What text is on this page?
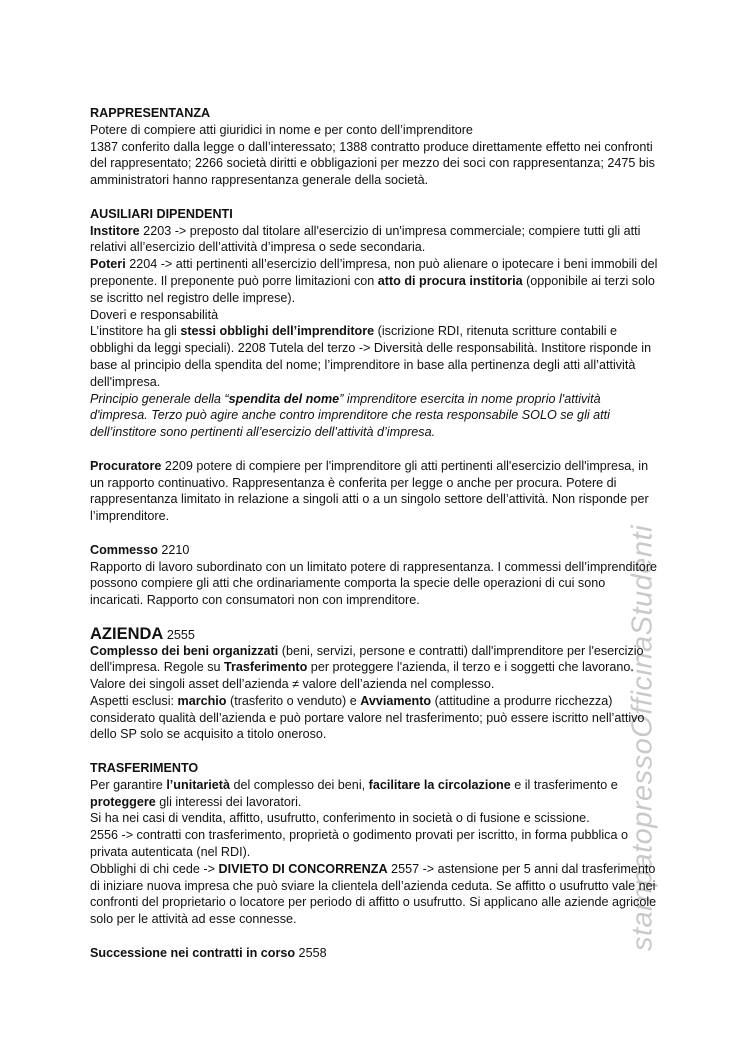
stampatopressoOfficinaStudenti
RAPPRESENTANZA
Potere di compiere atti giuridici in nome e per conto dell’imprenditore
1387 conferito dalla legge o dall’interessato; 1388 contratto produce direttamente effetto nei confronti
del rappresentato; 2266 società diritti e obbligazioni per mezzo dei soci con rappresentanza; 2475 bis
amministratori hanno rappresentanza generale della società.
AUSILIARI DIPENDENTI
Institore 2203 -> preposto dal titolare all'esercizio di un'impresa commerciale; compiere tutti gli atti
relativi all’esercizio dell’attività d’impresa o sede secondaria.
Poteri 2204 -> atti pertinenti all’esercizio dell’impresa, non può alienare o ipotecare i beni immobili del
preponente. Il preponente può porre limitazioni con atto di procura institoria (opponibile ai terzi solo
se iscritto nel registro delle imprese).
Doveri e responsabilità
L’institore ha gli stessi obblighi dell’imprenditore (iscrizione RDI, ritenuta scritture contabili e
obblighi da leggi speciali). 2208 Tutela del terzo -> Diversità delle responsabilità. Institore risponde in
base al principio della spendita del nome; l’imprenditore in base alla pertinenza degli atti all’attività
dell'impresa.
Principio generale della “spendita del nome” imprenditore esercita in nome proprio l'attività
d'impresa. Terzo può agire anche contro imprenditore che resta responsabile SOLO se gli atti
dell’institore sono pertinenti all’esercizio dell’attività d’impresa.
Procuratore 2209 potere di compiere per l'imprenditore gli atti pertinenti all'esercizio dell'impresa, in
un rapporto continuativo. Rappresentanza è conferita per legge o anche per procura. Potere di
rappresentanza limitato in relazione a singoli atti o a un singolo settore dell’attività. Non risponde per
l’imprenditore.
Commesso 2210
Rapporto di lavoro subordinato con un limitato potere di rappresentanza. I commessi dell’imprenditore
possono compiere gli atti che ordinariamente comporta la specie delle operazioni di cui sono
incaricati. Rapporto con consumatori non con imprenditore.
AZIENDA 2555
Complesso dei beni organizzati (beni, servizi, persone e contratti) dall'imprenditore per l'esercizio
dell'impresa. Regole su Trasferimento per proteggere l'azienda, il terzo e i soggetti che lavorano.
Valore dei singoli asset dell’azienda ≠ valore dell’azienda nel complesso.
Aspetti esclusi: marchio (trasferito o venduto) e Avviamento (attitudine a produrre ricchezza)
considerato qualità dell’azienda e può portare valore nel trasferimento; può essere iscritto nell’attivo
dello SP solo se acquisito a titolo oneroso.
TRASFERIMENTO
Per garantire l’unitarietà del complesso dei beni, facilitare la circolazione e il trasferimento e
proteggere gli interessi dei lavoratori.
Si ha nei casi di vendita, affitto, usufrutto, conferimento in società o di fusione e scissione.
2556 -> contratti con trasferimento, proprietà o godimento provati per iscritto, in forma pubblica o
privata autenticata (nel RDI).
Obblighi di chi cede -> DIVIETO DI CONCORRENZA 2557 -> astensione per 5 anni dal trasferimento
di iniziare nuova impresa che può sviare la clientela dell’azienda ceduta. Se affitto o usufrutto vale nei
confronti del proprietario o locatore per periodo di affitto o usufrutto. Si applicano alle aziende agricole
solo per le attività ad esse connesse.
Successione nei contratti in corso 2558
